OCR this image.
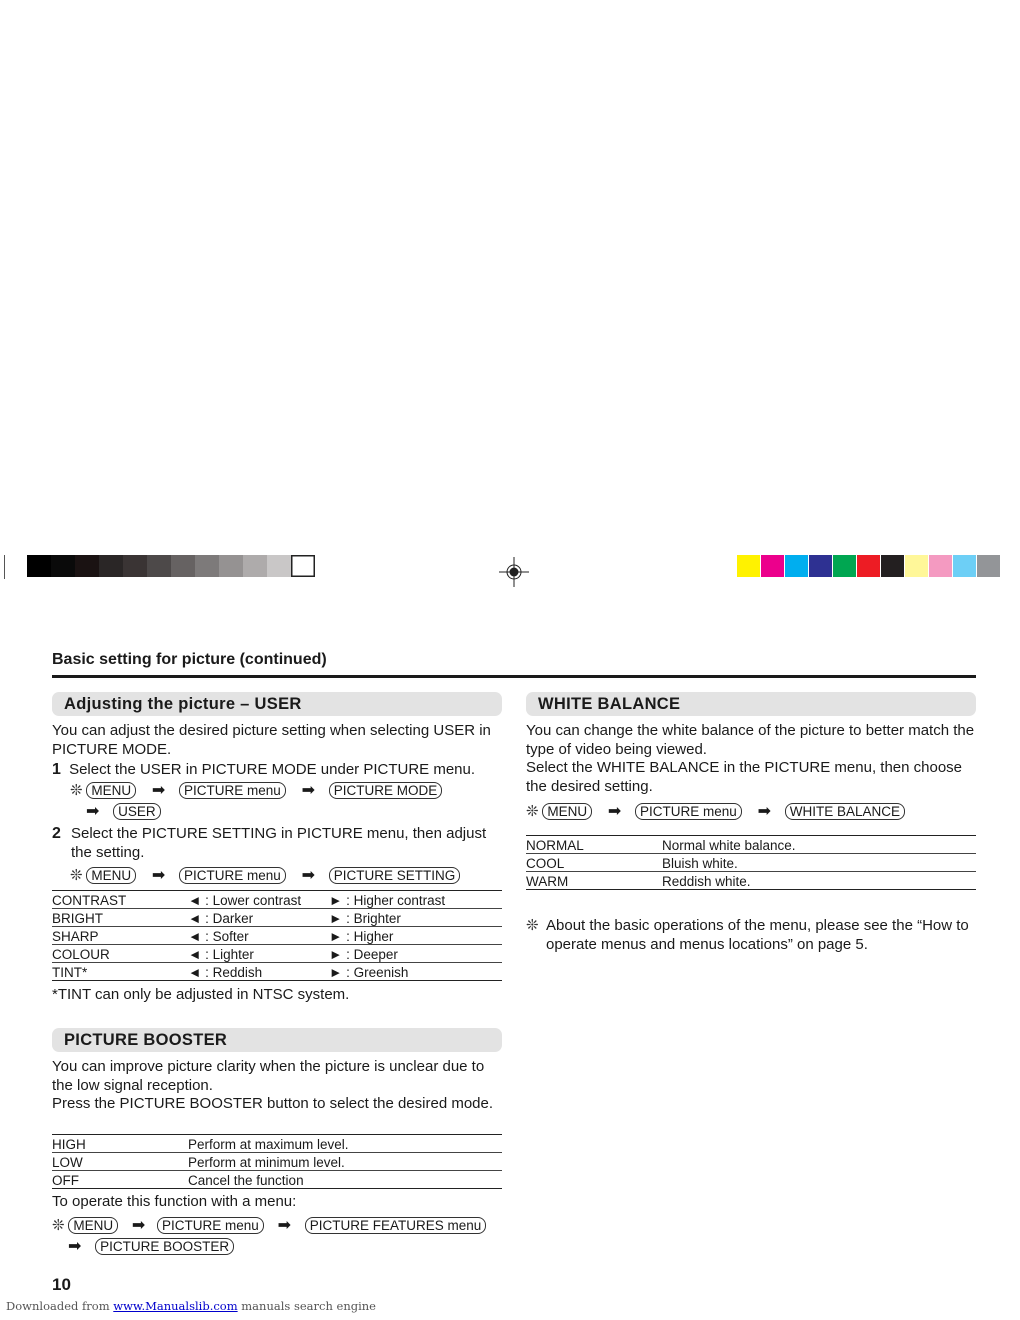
Basic setting for picture (continued)
Adjusting the picture – USER
You can adjust the desired picture setting when selecting USER in PICTURE MODE.
1 Select the USER in PICTURE MODE under PICTURE menu.
❊ MENU ➡ PICTURE menu ➡ PICTURE MODE
➡ USER
2 Select the PICTURE SETTING in PICTURE menu, then adjust the setting.
❊ MENU ➡ PICTURE menu ➡ PICTURE SETTING
CONTRAST	◄ : Lower contrast	► : Higher contrast
BRIGHT	◄ : Darker	► : Brighter
SHARP	◄ : Softer	► : Higher
COLOUR	◄ : Lighter	► : Deeper
TINT*	◄ : Reddish	► : Greenish
*TINT can only be adjusted in NTSC system.
PICTURE BOOSTER
You can improve picture clarity when the picture is unclear due to the low signal reception.
Press the PICTURE BOOSTER button to select the desired mode.
HIGH	Perform at maximum level.
LOW	Perform at minimum level.
OFF	Cancel the function
To operate this function with a menu:
❊ MENU ➡ PICTURE menu ➡ PICTURE FEATURES menu
➡ PICTURE BOOSTER
WHITE BALANCE
You can change the white balance of the picture to better match the type of video being viewed.
Select the WHITE BALANCE in the PICTURE menu, then choose the desired setting.
❊ MENU ➡ PICTURE menu ➡ WHITE BALANCE
NORMAL	Normal white balance.
COOL	Bluish white.
WARM	Reddish white.
❊ About the basic operations of the menu, please see the “How to operate menus and menus locations” on page 5.
10
Downloaded from www.Manualslib.com manuals search engine
